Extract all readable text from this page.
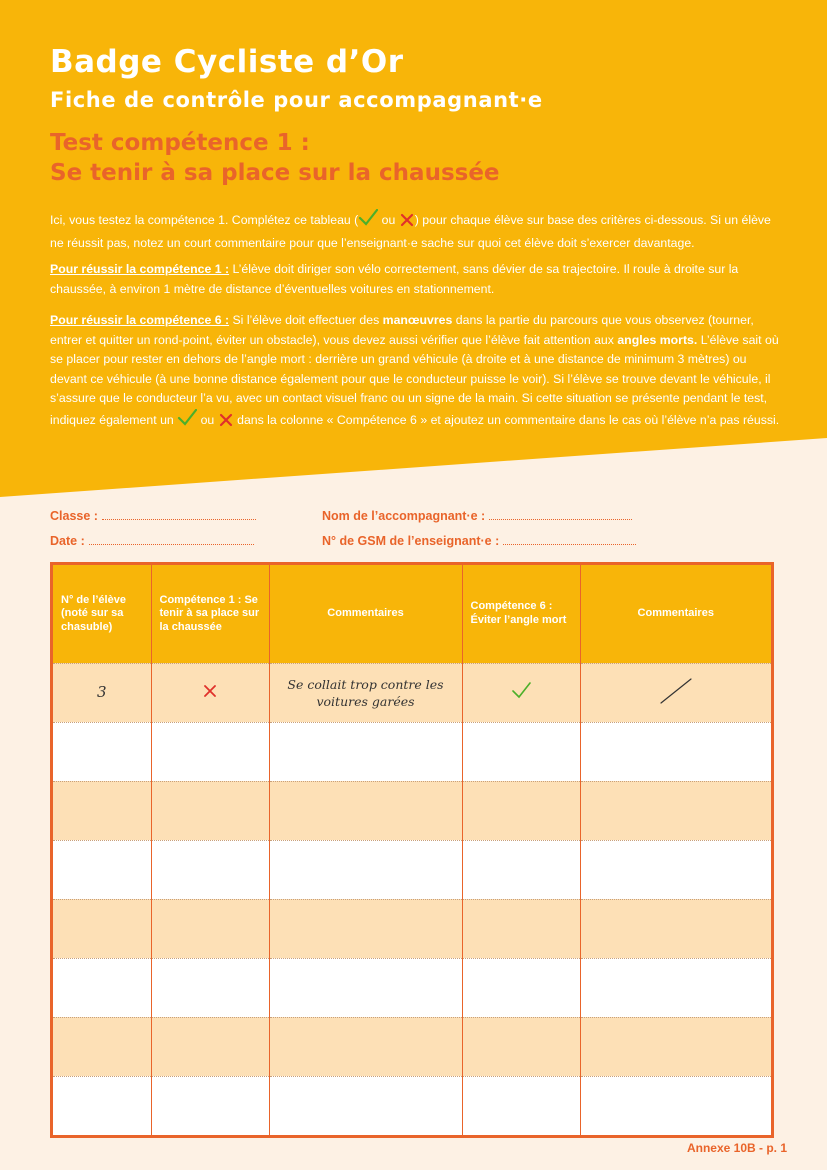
Badge Cycliste d’Or
Fiche de contrôle pour accompagnant·e
Test compétence 1 :
Se tenir à sa place sur la chaussée

Ici, vous testez la compétence 1. Complétez ce tableau ( ou ) pour chaque élève sur base des critères ci-dessous. Si un élève ne réussit pas, notez un court commentaire pour que l’enseignant·e sache sur quoi cet élève doit s’exercer davantage.

Pour réussir la compétence 1 : L’élève doit diriger son vélo correctement, sans dévier de sa trajectoire. Il roule à droite sur la chaussée, à environ 1 mètre de distance d’éventuelles voitures en stationnement.

Pour réussir la compétence 6 : Si l’élève doit effectuer des manœuvres dans la partie du parcours que vous observez (tourner, entrer et quitter un rond-point, éviter un obstacle), vous devez aussi vérifier que l’élève fait attention aux angles morts. L’élève sait où se placer pour rester en dehors de l’angle mort : derrière un grand véhicule (à droite et à une distance de minimum 3 mètres) ou devant ce véhicule (à une bonne distance également pour que le conducteur puisse le voir). Si l’élève se trouve devant le véhicule, il s’assure que le conducteur l’a vu, avec un contact visuel franc ou un signe de la main. Si cette situation se présente pendant le test, indiquez également un  ou  dans la colonne « Compétence 6 » et ajoutez un commentaire dans le cas où l’élève n’a pas réussi.

Classe :
Date :
Nom de l’accompagnant·e :
N° de GSM de l’enseignant·e :
N° de l’élève (noté sur sa chasuble)	Compétence 1 : Se tenir à sa place sur la chaussée	Commentaires	Compétence 6 : Éviter l’angle mort	Commentaires
3		Se collait trop contre les voitures garées		

Annexe 10B - p. 1
